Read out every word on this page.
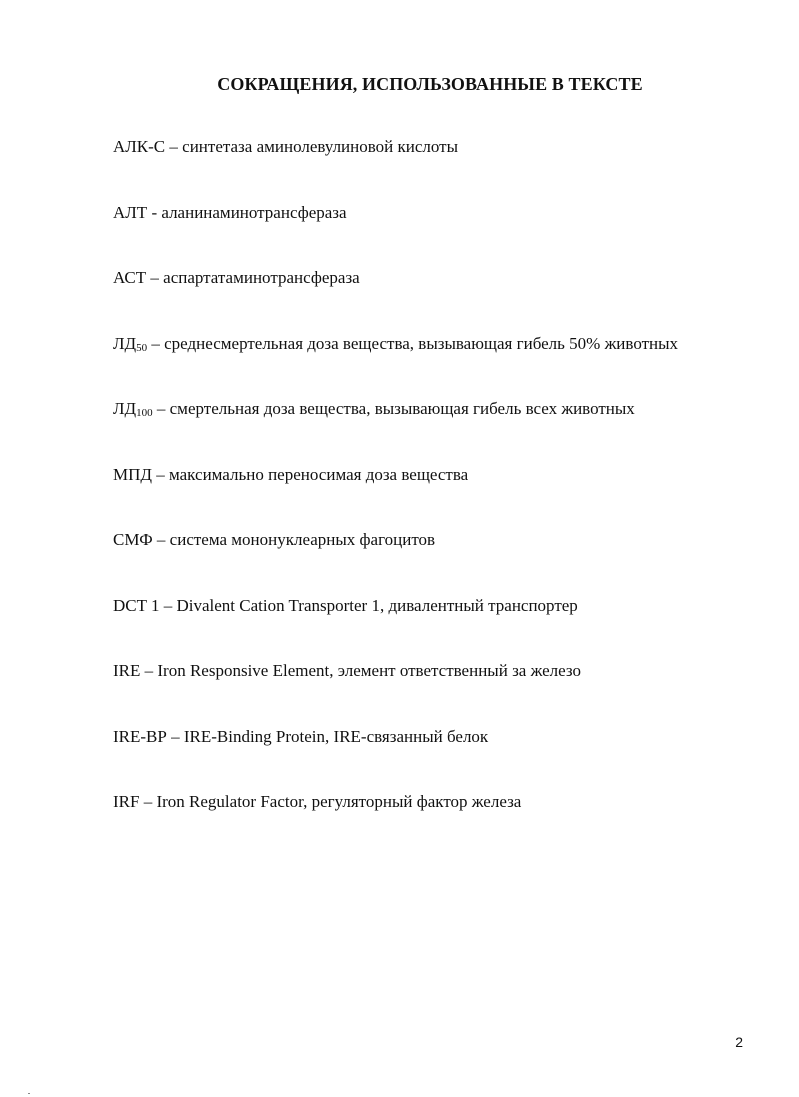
СОКРАЩЕНИЯ, ИСПОЛЬЗОВАННЫЕ В ТЕКСТЕ
АЛК-С – синтетаза аминолевулиновой кислоты
АЛТ - аланинаминотрансфераза
АСТ – аспартатаминотрансфераза
$ЛД_{50}$ – среднесмертельная доза вещества, вызывающая гибель 50% животных
$ЛД_{100}$ – смертельная доза вещества, вызывающая гибель всех животных
МПД – максимально переносимая доза вещества
СМФ – система мононуклеарных фагоцитов
DCT 1 – Divalent Cation Transporter 1, дивалентный транспортер
IRE – Iron Responsive Element, элемент ответственный за железо
IRE-BP – IRE-Binding Protein, IRE-связанный белок
IRF – Iron Regulator Factor, регуляторный фактор железа
2
